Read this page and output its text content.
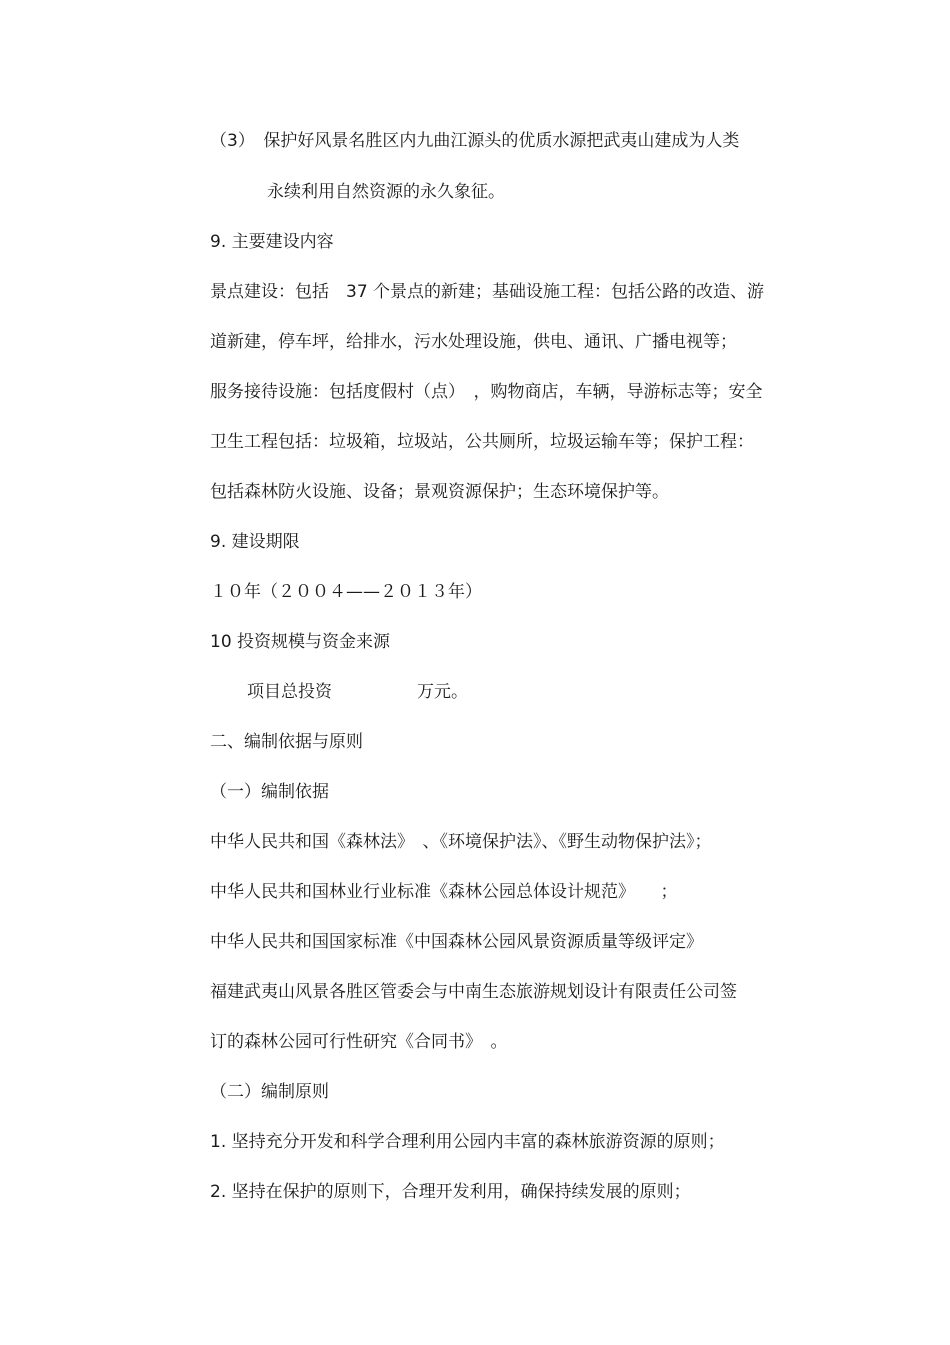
（3）　保护好风景名胜区内九曲江源头的优质水源把武夷山建成为人类
永续利用自然资源的永久象征。
9. 主要建设内容
景点建设：包括　37 个景点的新建；基础设施工程：包括公路的改造、游
道新建，停车坪，给排水，污水处理设施，供电、通讯、广播电视等；
服务接待设施：包括度假村（点）　，购物商店，车辆，导游标志等；安全
卫生工程包括：垃圾箱，垃圾站，公共厕所，垃圾运输车等；保护工程：
包括森林防火设施、设备；景观资源保护；生态环境保护等。
9. 建设期限
１０年（２００４——２０１３年）
10 投资规模与资金来源
项目总投资　　　　　万元。
二、编制依据与原则
（一）编制依据
中华人民共和国《森林法》　、《环境保护法》、《野生动物保护法》；
中华人民共和国林业行业标准《森林公园总体设计规范》　　；
中华人民共和国国家标准《中国森林公园风景资源质量等级评定》
福建武夷山风景各胜区管委会与中南生态旅游规划设计有限责任公司签
订的森林公园可行性研究《合同书》　。
（二）编制原则
1. 坚持充分开发和科学合理利用公园内丰富的森林旅游资源的原则；
2. 坚持在保护的原则下，合理开发利用，确保持续发展的原则；
